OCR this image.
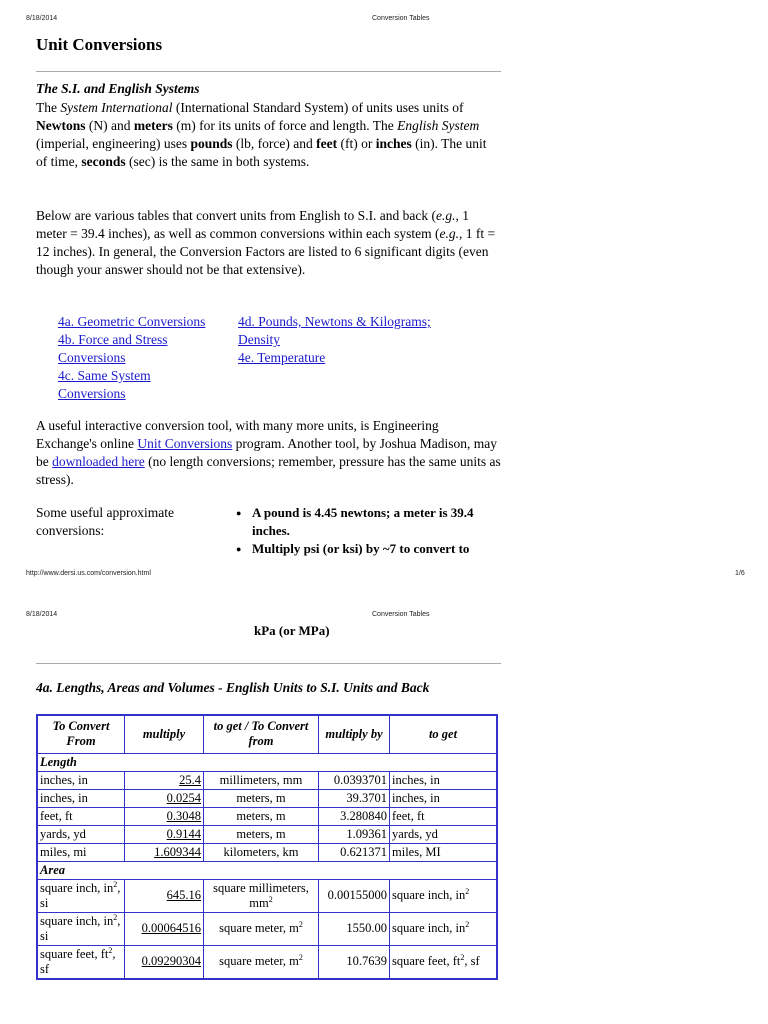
8/18/2014	Conversion Tables
Unit Conversions
The S.I. and English Systems
The System International (International Standard System) of units uses units of Newtons (N) and meters (m) for its units of force and length. The English System (imperial, engineering) uses pounds (lb, force) and feet (ft) or inches (in). The unit of time, seconds (sec) is the same in both systems.
Below are various tables that convert units from English to S.I. and back (e.g., 1 meter = 39.4 inches), as well as common conversions within each system (e.g., 1 ft = 12 inches). In general, the Conversion Factors are listed to 6 significant digits (even though your answer should not be that extensive).
4a. Geometric Conversions
4b. Force and Stress Conversions
4c. Same System Conversions
4d. Pounds, Newtons & Kilograms; Density
4e. Temperature
A useful interactive conversion tool, with many more units, is Engineering Exchange's online Unit Conversions program. Another tool, by Joshua Madison, may be downloaded here (no length conversions; remember, pressure has the same units as stress).
Some useful approximate conversions:
● A pound is 4.45 newtons; a meter is 39.4 inches.
● Multiply psi (or ksi) by ~7 to convert to
http://www.dersi.us.com/conversion.html	1/6
8/18/2014	Conversion Tables
kPa (or MPa)
4a. Lengths, Areas and Volumes - English Units to S.I. Units and Back
To Convert From	multiply	to get / To Convert from	multiply by	to get
Length				
inches, in	25.4	millimeters, mm	0.0393701	inches, in
inches, in	0.0254	meters, m	39.3701	inches, in
feet, ft	0.3048	meters, m	3.280840	feet, ft
yards, yd	0.9144	meters, m	1.09361	yards, yd
miles, mi	1.609344	kilometers, km	0.621371	miles, MI
Area				
square inch, $in^2$, si	645.16	square millimeters, $mm^2$	0.00155000	square inch, $in^2$
square inch, $in^2$, si	0.00064516	square meter, $m^2$	1550.00	square inch, $in^2$
square feet, $ft^2$, sf	0.09290304	square meter, $m^2$	10.7639	square feet, $ft^2$, sf
